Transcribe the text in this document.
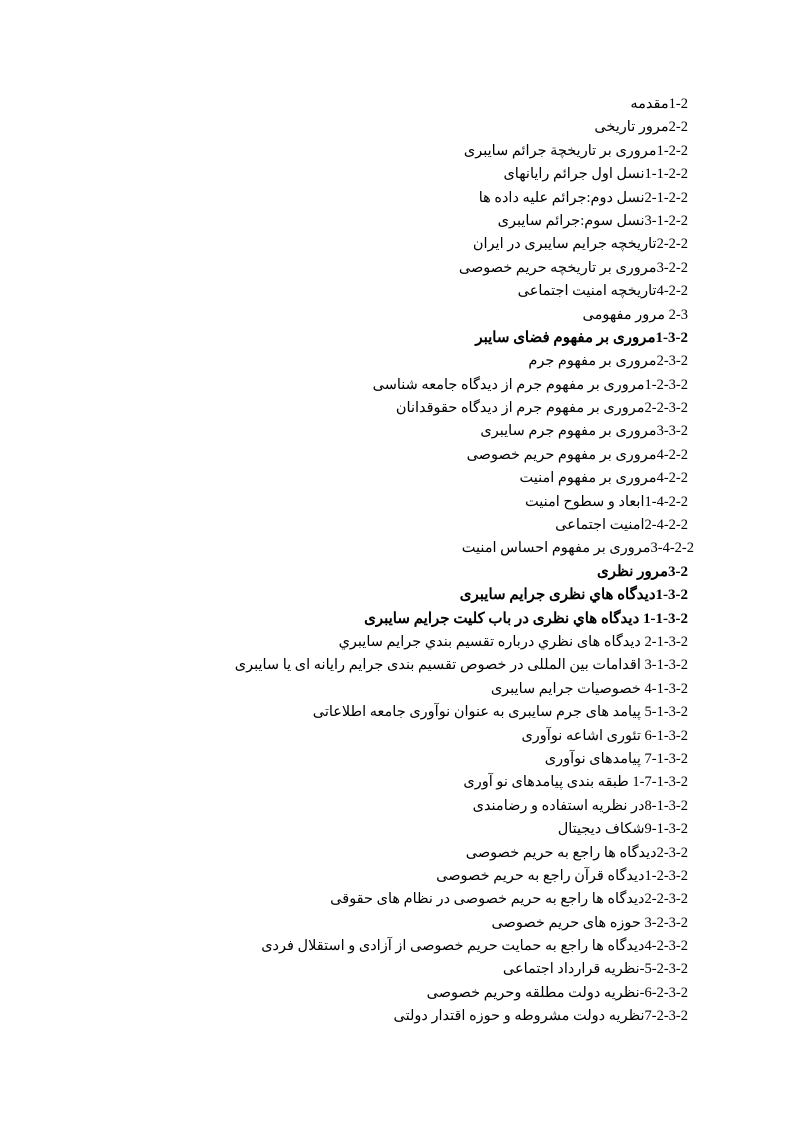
1-2مقدمه
2-2مرور تاریخی
1-2-2مروری بر تاریخچة جرائم سایبری
1-1-2-2نسل اول جرائم رایانهای
2-1-2-2نسل دوم:جرائم علیه داده ها
3-1-2-2نسل سوم:جرائم سایبری
2-2-2تاریخچه جرایم سایبری در ایران
3-2-2مروری بر تاریخچه حریم خصوصی
4-2-2تاریخچه امنیت اجتماعی
2-3 مرور مفهومی
1-3-2مروری بر مفهوم فضای سایبر
2-3-2مروری بر مفهوم جرم
1-2-3-2مروری بر مفهوم جرم از دیدگاه جامعه شناسی
2-2-3-2مروری بر مفهوم جرم از دیدگاه حقوقدانان
3-3-2مروری بر مفهوم جرم سایبری
4-2-2مروری بر مفهوم حریم خصوصی
4-2-2مروری بر مفهوم امنیت
1-4-2-2ابعاد و سطوح امنیت
2-4-2-2امنیت اجتماعی
3-4-2-2مروری بر مفهوم احساس امنیت
3-2مرور نظری
1-3-2دیدگاه هاي نظری جرایم سایبری
1-1-3-2 دیدگاه هاي نظری در باب کلیت جرایم سایبری
2-1-3-2 دیدگاه های نظري درباره تقسیم بندي جرایم سایبري
3-1-3-2 اقدامات بین المللی در خصوص تقسیم بندی جرایم رایانه ای یا سایبری
4-1-3-2 خصوصیات جرایم سایبری
5-1-3-2 پیامد های جرم سایبری به عنوان نوآوری جامعه اطلاعاتی
6-1-3-2 تئوری اشاعه نوآوری
7-1-3-2 پیامدهای نوآوری
1-7-1-3-2 طبقه بندی پیامدهای نو آوری
8-1-3-2در نظریه استفاده و رضامندی
9-1-3-2شکاف دیجیتال
2-3-2دیدگاه ها راجع به حریم خصوصی
1-2-3-2دیدگاه قرآن راجع به حریم خصوصی
2-2-3-2دیدگاه ها راجع به حریم خصوصی در نظام های حقوقی
3-2-3-2 حوزه های حریم خصوصی
4-2-3-2دیدگاه ها راجع به حمایت حریم خصوصی از آزادی و استقلال فردی
5-2-3-2-نظریه قرارداد اجتماعی
6-2-3-2-نظریه دولت مطلقه وحریم خصوصی
7-2-3-2نظریه دولت مشروطه و حوزه اقتدار دولتی
